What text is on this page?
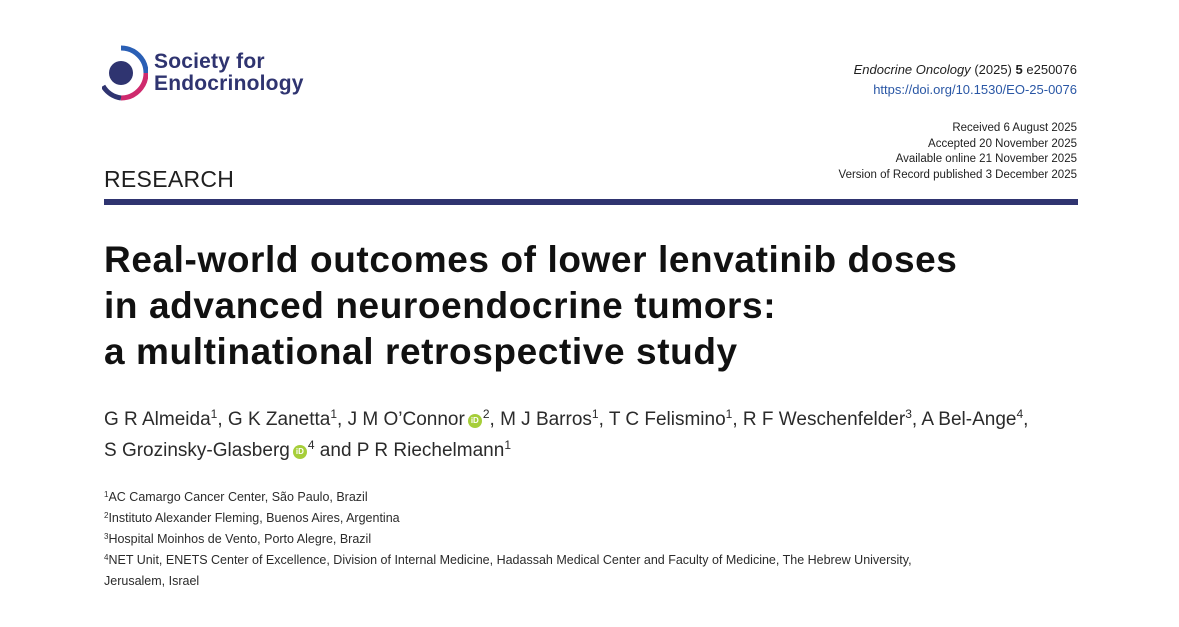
Society for
Endocrinology
Endocrine Oncology (2025) 5 e250076
https://doi.org/10.1530/EO-25-0076
Received 6 August 2025
Accepted 20 November 2025
Available online 21 November 2025
Version of Record published 3 December 2025
RESEARCH
Real-world outcomes of lower lenvatinib doses
in advanced neuroendocrine tumors:
a multinational retrospective study
G R Almeida$^1$, G K Zanetta$^1$, J M O’Connor iD $^2$, M J Barros$^1$, T C Felismino$^1$, R F Weschenfelder$^3$, A Bel-Ange$^4$,
S Grozinsky-Glasberg iD $^4$ and P R Riechelmann$^1$
$^1$AC Camargo Cancer Center, São Paulo, Brazil
$^2$Instituto Alexander Fleming, Buenos Aires, Argentina
$^3$Hospital Moinhos de Vento, Porto Alegre, Brazil
$^4$NET Unit, ENETS Center of Excellence, Division of Internal Medicine, Hadassah Medical Center and Faculty of Medicine, The Hebrew University,
Jerusalem, Israel
